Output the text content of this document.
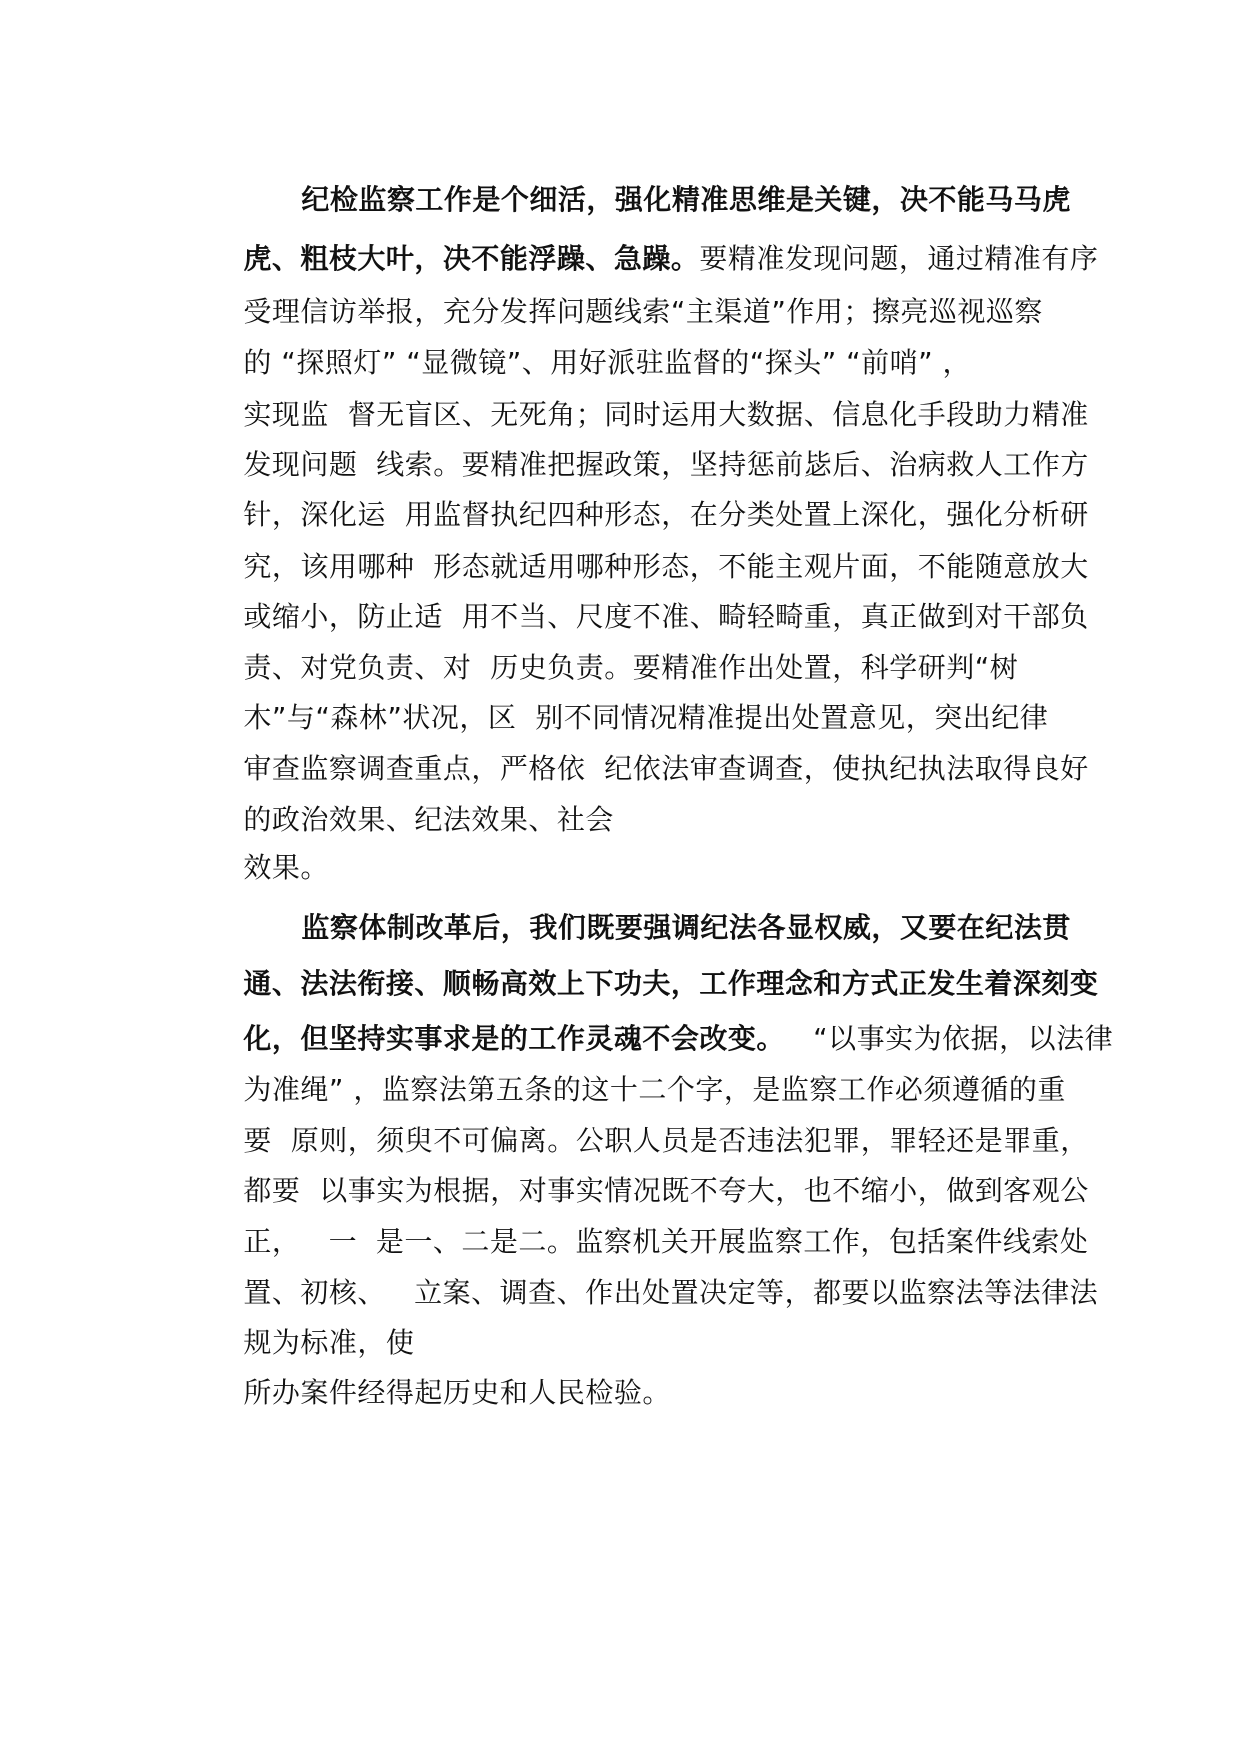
纪检监察工作是个细活，强化精准思维是关键，决不能马马虎

虎、粗枝大叶，决不能浮躁、急躁。要精准发现问题，通过精准有序

受理信访举报，充分发挥问题线索“主渠道”作用；擦亮巡视巡察

的 “探照灯” “显微镜”、用好派驻监督的“探头” “前哨” ，

实现监  督无盲区、无死角；同时运用大数据、信息化手段助力精准

发现问题  线索。要精准把握政策，坚持惩前毖后、治病救人工作方

针，深化运  用监督执纪四种形态，在分类处置上深化，强化分析研

究，该用哪种  形态就适用哪种形态，不能主观片面，不能随意放大

或缩小，防止适  用不当、尺度不准、畸轻畸重，真正做到对干部负

责、对党负责、对  历史负责。要精准作出处置，科学研判“树

木”与“森林”状况，区  别不同情况精准提出处置意见，突出纪律

审查监察调查重点，严格依  纪依法审查调查，使执纪执法取得良好

的政治效果、纪法效果、社会

效果。

监察体制改革后，我们既要强调纪法各显权威，又要在纪法贯

通、法法衔接、顺畅高效上下功夫，工作理念和方式正发生着深刻变

化，但坚持实事求是的工作灵魂不会改变。   “以事实为依据，以法律

为准绳” ，监察法第五条的这十二个字，是监察工作必须遵循的重

要  原则，须臾不可偏离。公职人员是否违法犯罪，罪轻还是罪重，

都要  以事实为根据，对事实情况既不夸大，也不缩小，做到客观公

正，   一  是一、二是二。监察机关开展监察工作，包括案件线索处

置、初核、   立案、调查、作出处置决定等，都要以监察法等法律法

规为标准，使

所办案件经得起历史和人民检验。
